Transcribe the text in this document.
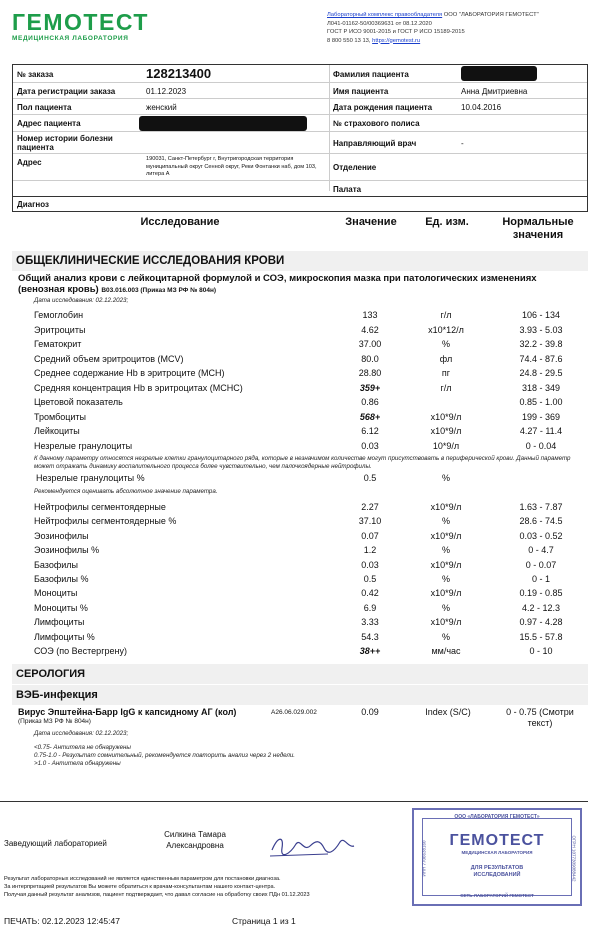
ГЕМОТЕСТ
МЕДИЦИНСКАЯ ЛАБОРАТОРИЯ
Лабораторный комплекс правообладателя ООО "ЛАБОРАТОРИЯ ГЕМОТЕСТ"
Л041-01162-50/00369631 от 08.12.2020
ГОСТ Р ИСО 9001-2015 и ГОСТ Р ИСО 15189-2015
8 800 550 13 13, https://gemotest.ru
№ заказа	128213400	Фамилия пациента
Дата регистрации заказа	01.12.2023	Имя пациента	Анна Дмитриевна
Пол пациента	женский	Дата рождения пациента	10.04.2016
Адрес пациента	№ страхового полиса
Номер истории болезни пациента	Направляющий врач	-
Адрес	190031, Санкт-Петербург г, Внутригородская территория муниципальный округ Сенной округ, Реки Фонтанки наб, дом 103, литера А
Отделение
Палата
Диагноз
Исследование	Значение	Ед. изм.	Нормальные значения
ОБЩЕКЛИНИЧЕСКИЕ ИССЛЕДОВАНИЯ КРОВИ
Общий анализ крови с лейкоцитарной формулой и СОЭ, микроскопия мазка при патологических изменениях (венозная кровь) B03.016.003 (Приказ МЗ РФ № 804н)
Дата исследования: 02.12.2023;
Гемоглобин	133	г/л	106 - 134
Эритроциты	4.62	x10*12/л	3.93 - 5.03
Гематокрит	37.00	%	32.2 - 39.8
Средний объем эритроцитов (MCV)	80.0	фл	74.4 - 87.6
Среднее содержание Hb в эритроците (MCH)	28.80	пг	24.8 - 29.5
Средняя концентрация Hb в эритроцитах (MCHC)	359+	г/л	318 - 349
Цветовой показатель	0.86	0.85 - 1.00
Тромбоциты	568+	x10*9/л	199 - 369
Лейкоциты	6.12	x10*9/л	4.27 - 11.4
Незрелые гранулоциты	0.03	10*9/л	0 - 0.04
К данному параметру относятся незрелые клетки гранулоцитарного ряда, которые в незначимом количестве могут присутствовать в периферической крови. Данный параметр может отражать динамику воспалительного процесса более чувствительно, чем палочкоядерные нейтрофилы.
Незрелые гранулоциты %	0.5	%
Рекомендуется оценивать абсолютное значение параметра.
Нейтрофилы сегментоядерные	2.27	x10*9/л	1.63 - 7.87
Нейтрофилы сегментоядерные %	37.10	%	28.6 - 74.5
Эозинофилы	0.07	x10*9/л	0.03 - 0.52
Эозинофилы %	1.2	%	0 - 4.7
Базофилы	0.03	x10*9/л	0 - 0.07
Базофилы %	0.5	%	0 - 1
Моноциты	0.42	x10*9/л	0.19 - 0.85
Моноциты %	6.9	%	4.2 - 12.3
Лимфоциты	3.33	x10*9/л	0.97 - 4.28
Лимфоциты %	54.3	%	15.5 - 57.8
СОЭ (по Вестергрену)	38++	мм/час	0 - 10
СЕРОЛОГИЯ
ВЭБ-инфекция
Вирус Эпштейна-Барр IgG к капсидному АГ (кол)	A26.06.029.002
(Приказ МЗ РФ № 804н)
0.09	Index (S/C)	0 - 0.75 (Смотри
текст)
Дата исследования: 02.12.2023;
<0.75- Антитела не обнаружены
0.75-1.0 - Результат сомнительный, рекомендуется повторить анализ через 2 недели.
>1.0 - Антитела обнаружены
Заведующий лабораторией
Силкина Тамара
Александровна
Результат лабораторных исследований не является единственным параметром для постановки диагноза.
За интерпретацией результатов Вы можете обратиться к врачам-консультантам нашего контакт-центра.
Получая данный результат анализов, пациент подтверждает, что давал согласие на обработку своих ПДн 01.12.2023
ПЕЧАТЬ: 02.12.2023 12:45:47	Страница 1 из 1
ООО «ЛАБОРАТОРИЯ ГЕМОТЕСТ»
ГЕМОТЕСТ
МЕДИЦИНСКАЯ ЛАБОРАТОРИЯ
ДЛЯ РЕЗУЛЬТАТОВ
ИССЛЕДОВАНИЙ
СЕТЬ ЛАБОРАТОРИЙ ГЕМОТЕСТ
ИНН 7706638160	ОГРН 1077309088442
